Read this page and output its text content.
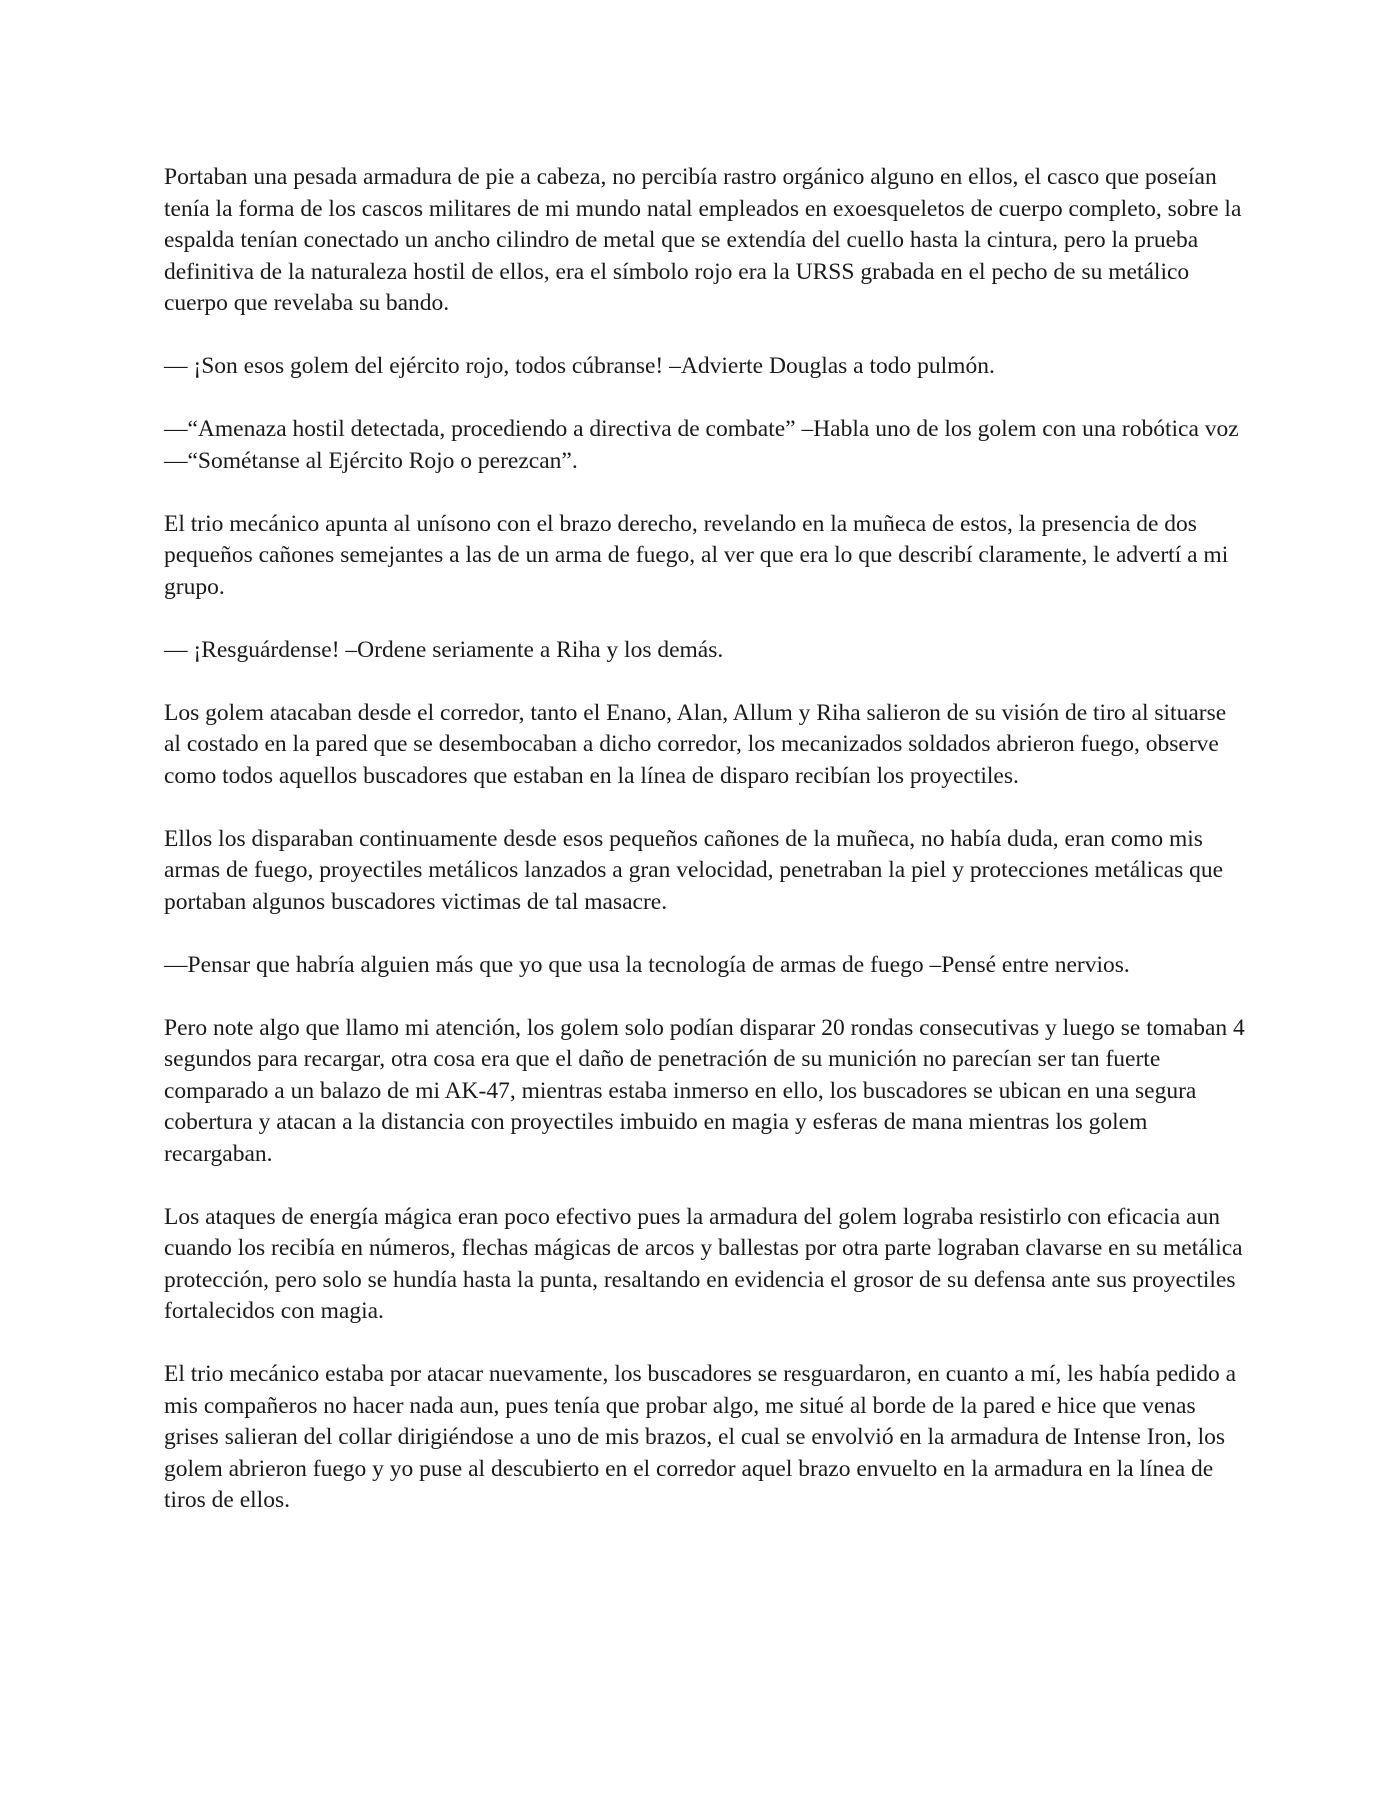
Portaban una pesada armadura de pie a cabeza, no percibía rastro orgánico alguno en ellos, el casco que poseían tenía la forma de los cascos militares de mi mundo natal empleados en exoesqueletos de cuerpo completo, sobre la espalda tenían conectado un ancho cilindro de metal que se extendía del cuello hasta la cintura, pero la prueba definitiva de la naturaleza hostil de ellos, era el símbolo rojo era la URSS grabada en el pecho de su metálico cuerpo que revelaba su bando.

— ¡Son esos golem del ejército rojo, todos cúbranse! –Advierte Douglas a todo pulmón.

—“Amenaza hostil detectada, procediendo a directiva de combate” –Habla uno de los golem con una robótica voz —“Sométanse al Ejército Rojo o perezcan”.

El trio mecánico apunta al unísono con el brazo derecho, revelando en la muñeca de estos, la presencia de dos pequeños cañones semejantes a las de un arma de fuego, al ver que era lo que describí claramente, le advertí a mi grupo.

— ¡Resguárdense! –Ordene seriamente a Riha y los demás.

Los golem atacaban desde el corredor, tanto el Enano, Alan, Allum y Riha salieron de su visión de tiro al situarse al costado en la pared que se desembocaban a dicho corredor, los mecanizados soldados abrieron fuego, observe como todos aquellos buscadores que estaban en la línea de disparo recibían los proyectiles.

Ellos los disparaban continuamente desde esos pequeños cañones de la muñeca, no había duda, eran como mis armas de fuego, proyectiles metálicos lanzados a gran velocidad, penetraban la piel y protecciones metálicas que portaban algunos buscadores victimas de tal masacre.

—Pensar que habría alguien más que yo que usa la tecnología de armas de fuego –Pensé entre nervios.

Pero note algo que llamo mi atención, los golem solo podían disparar 20 rondas consecutivas y luego se tomaban 4 segundos para recargar, otra cosa era que el daño de penetración de su munición no parecían ser tan fuerte comparado a un balazo de mi AK-47, mientras estaba inmerso en ello, los buscadores se ubican en una segura cobertura y atacan a la distancia con proyectiles imbuido en magia y esferas de mana mientras los golem recargaban.

Los ataques de energía mágica eran poco efectivo pues la armadura del golem lograba resistirlo con eficacia aun cuando los recibía en números, flechas mágicas de arcos y ballestas por otra parte lograban clavarse en su metálica protección, pero solo se hundía hasta la punta, resaltando en evidencia el grosor de su defensa ante sus proyectiles fortalecidos con magia.

El trio mecánico estaba por atacar nuevamente, los buscadores se resguardaron, en cuanto a mí, les había pedido a mis compañeros no hacer nada aun, pues tenía que probar algo, me situé al borde de la pared e hice que venas grises salieran del collar dirigiéndose a uno de mis brazos, el cual se envolvió en la armadura de Intense Iron, los golem abrieron fuego y yo puse al descubierto en el corredor aquel brazo envuelto en la armadura en la línea de tiros de ellos.
